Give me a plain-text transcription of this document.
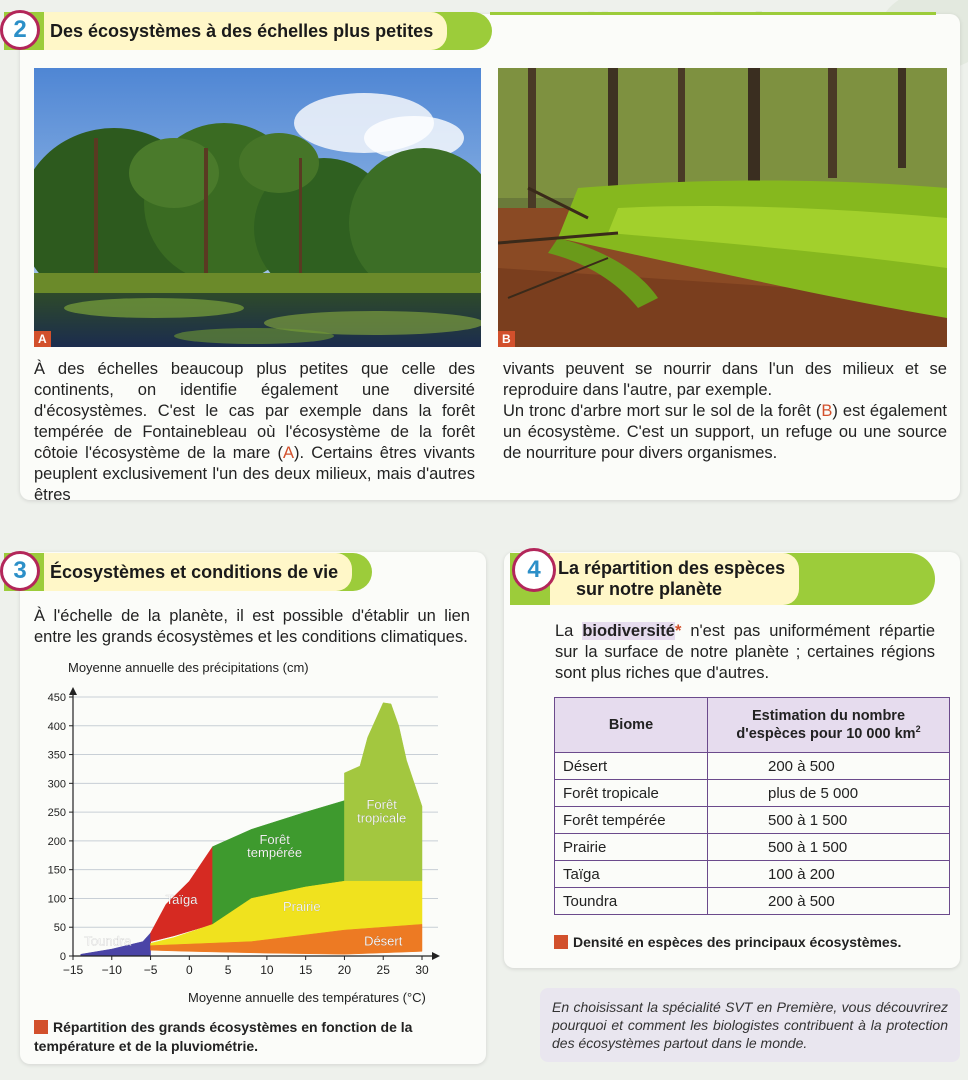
Des écosystèmes à des échelles plus petites
2
A	B
À des échelles beaucoup plus petites que celle des continents, on identifie également une diversité d'écosystèmes. C'est le cas par exemple dans la forêt tempérée de Fontainebleau où l'écosystème de la forêt côtoie l'écosystème de la mare (A). Certains êtres vivants peuplent exclusivement l'un des deux milieux, mais d'autres êtres
vivants peuvent se nourrir dans l'un des milieux et se reproduire dans l'autre, par exemple.
Un tronc d'arbre mort sur le sol de la forêt (B) est également un écosystème. C'est un support, un refuge ou une source de nourriture pour divers organismes.
Écosystèmes et conditions de vie
3
À l'échelle de la planète, il est possible d'établir un lien entre les grands écosystèmes et les conditions climatiques.
0
50
100
150
200
250
300
350
400
450
−15 −10 −5 0	5 10 15 20 25 30
Moyenne annuelle des précipitations (cm)
Moyenne annuelle des températures (°C)
Toundra
Taïga
Forêt
tempérée
Forêt
tropicale
Prairie
Désert
Répartition des grands écosystèmes en fonction de la température et de la pluviométrie.
La répartition des espèces
sur notre planète
4
La biodiversité* n'est pas uniformément répartie sur la surface de notre planète ; certaines régions sont plus riches que d'autres.
Biome	Estimation du nombre
d'espèces pour 10 000 $km^2$
Désert	200 à 500
Forêt tropicale	plus de 5 000
Forêt tempérée	500 à 1 500
Prairie	500 à 1 500
Taïga	100 à 200
Toundra	200 à 500
Densité en espèces des principaux écosystèmes.
En choisissant la spécialité SVT en Première, vous découvrirez pourquoi et comment les biologistes contribuent à la protection des écosystèmes partout dans le monde.
